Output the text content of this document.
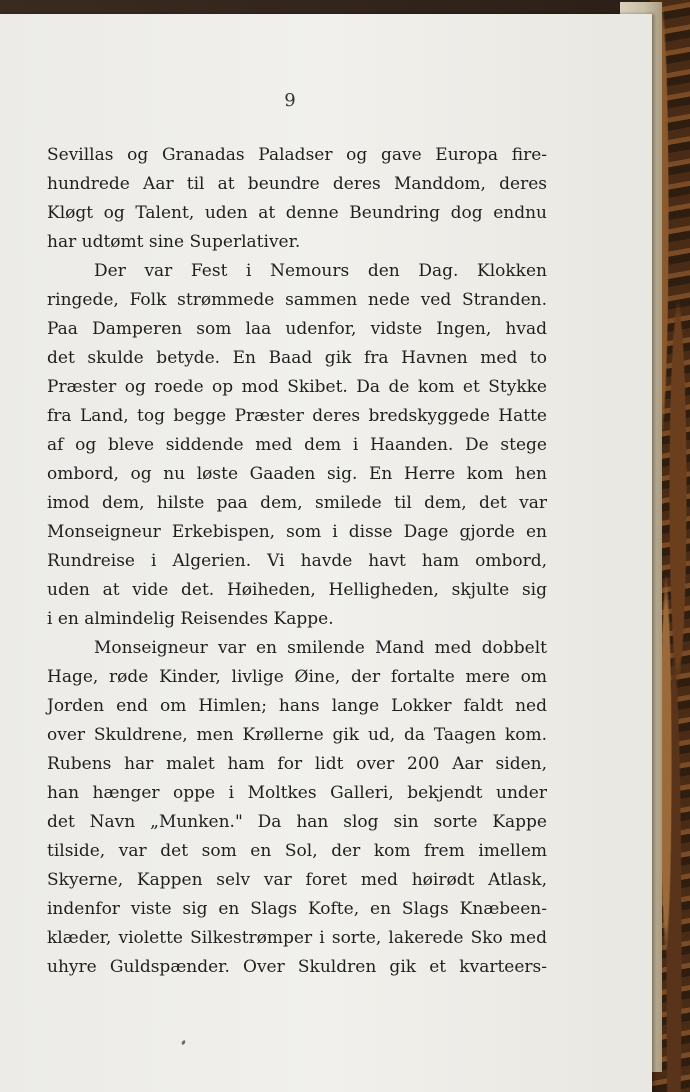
9
Sevillas og Granadas Paladser og gave Europa fire-
hundrede Aar til at beundre deres Manddom, deres
Kløgt og Talent, uden at denne Beundring dog endnu
har udtømt sine Superlativer.
Der var Fest i Nemours den Dag. Klokken
ringede, Folk strømmede sammen nede ved Stranden.
Paa Damperen som laa udenfor, vidste Ingen, hvad
det skulde betyde. En Baad gik fra Havnen med to
Præster og roede op mod Skibet. Da de kom et Stykke
fra Land, tog begge Præster deres bredskyggede Hatte
af og bleve siddende med dem i Haanden. De stege
ombord, og nu løste Gaaden sig. En Herre kom hen
imod dem, hilste paa dem, smilede til dem, det var
Monseigneur Erkebispen, som i disse Dage gjorde en
Rundreise i Algerien. Vi havde havt ham ombord,
uden at vide det. Høiheden, Helligheden, skjulte sig
i en almindelig Reisendes Kappe.
Monseigneur var en smilende Mand med dobbelt
Hage, røde Kinder, livlige Øine, der fortalte mere om
Jorden end om Himlen; hans lange Lokker faldt ned
over Skuldrene, men Krøllerne gik ud, da Taagen kom.
Rubens har malet ham for lidt over 200 Aar siden,
han hænger oppe i Moltkes Galleri, bekjendt under
det Navn „Munken." Da han slog sin sorte Kappe
tilside, var det som en Sol, der kom frem imellem
Skyerne, Kappen selv var foret med høirødt Atlask,
indenfor viste sig en Slags Kofte, en Slags Knæbeen-
klæder, violette Silkestrømper i sorte, lakerede Sko med
uhyre Guldspænder. Over Skuldren gik et kvarteers-
